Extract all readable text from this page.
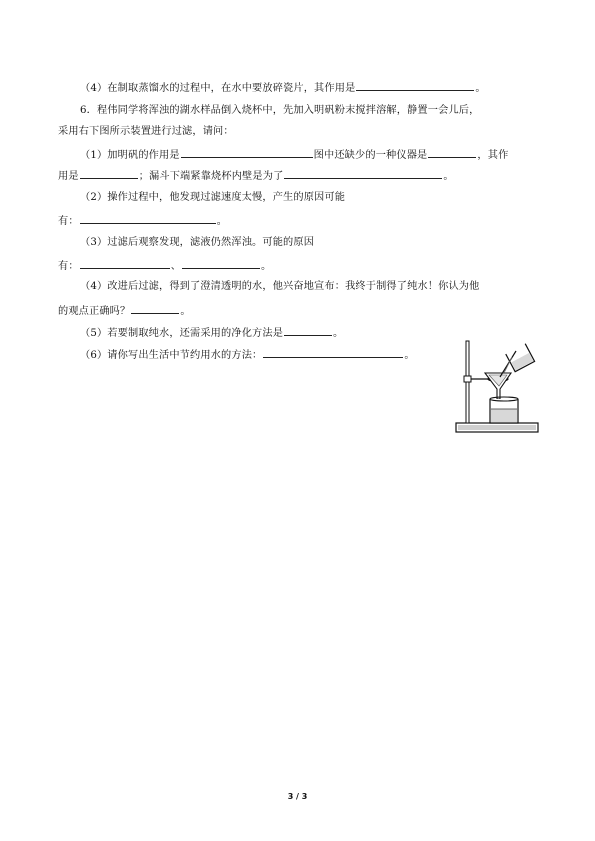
（4）在制取蒸馏水的过程中，在水中要放碎瓷片，其作用是	。
6．程伟同学将浑浊的湖水样品倒入烧杯中，先加入明矾粉末搅拌溶解，静置一会儿后，
采用右下图所示装置进行过滤，请问：
（1）加明矾的作用是	图中还缺少的一种仪器是	，其作
用是	；漏斗下端紧靠烧杯内壁是为了	。
（2）操作过程中，他发现过滤速度太慢，产生的原因可能
有：	。
（3）过滤后观察发现，滤液仍然浑浊。可能的原因
有：	、	。
（4）改进后过滤，得到了澄清透明的水，他兴奋地宣布：我终于制得了纯水！你认为他
的观点正确吗？	。
（5）若要制取纯水，还需采用的净化方法是	。
（6）请你写出生活中节约用水的方法：	。
3 / 3
